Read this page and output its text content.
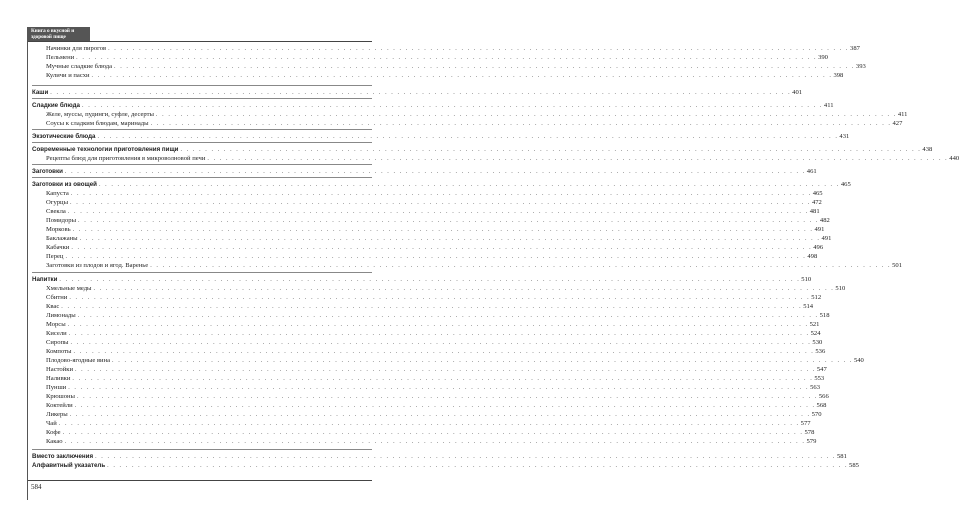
Книга о вкусной и здоровой пище
Начинки для пирогов . . . . . . . . . . . . . . . . . . . . . . . . . . . . . . . . . . . . . . . . . . . . . . . . . . . . . . . . . . . . . . . . . . . . . . . . . . . . . . . . . . . . . . . . . . . . . . . . . . . . . . . . . . . . . . . . . . . . . . . . 387
Пельмени . . . . . . . . . . . . . . . . . . . . . . . . . . . . . . . . . . . . . . . . . . . . . . . . . . . . . . . . . . . . . . . . . . . . . . . . . . . . . . . . . . . . . . . . . . . . . . . . . . . . . . . . . . . . . . . . . . . . . . . . 390
Мучные сладкие блюда . . . . . . . . . . . . . . . . . . . . . . . . . . . . . . . . . . . . . . . . . . . . . . . . . . . . . . . . . . . . . . . . . . . . . . . . . . . . . . . . . . . . . . . . . . . . . . . . . . . . . . . . . . . . . . . . . . . . . . . . 393
Куличи и пасхи . . . . . . . . . . . . . . . . . . . . . . . . . . . . . . . . . . . . . . . . . . . . . . . . . . . . . . . . . . . . . . . . . . . . . . . . . . . . . . . . . . . . . . . . . . . . . . . . . . . . . . . . . . . . . . . . . . . . . . . . 398
Каши . . . . . . . . . . . . . . . . . . . . . . . . . . . . . . . . . . . . . . . . . . . . . . . . . . . . . . . . . . . . . . . . . . . . . . . . . . . . . . . . . . . . . . . . . . . . . . . . . . . . . . . . . . . . . . . . . . . . . . . . 401
Сладкие блюда . . . . . . . . . . . . . . . . . . . . . . . . . . . . . . . . . . . . . . . . . . . . . . . . . . . . . . . . . . . . . . . . . . . . . . . . . . . . . . . . . . . . . . . . . . . . . . . . . . . . . . . . . . . . . . . . . . . . . . . . 411
Желе, муссы, пудинги, суфле, десерты . . . . . . . . . . . . . . . . . . . . . . . . . . . . . . . . . . . . . . . . . . . . . . . . . . . . . . . . . . . . . . . . . . . . . . . . . . . . . . . . . . . . . . . . . . . . . . . . . . . . . . . . . . . . . . . . . . . . . . . . 411
Соусы к сладким блюдам, маринады . . . . . . . . . . . . . . . . . . . . . . . . . . . . . . . . . . . . . . . . . . . . . . . . . . . . . . . . . . . . . . . . . . . . . . . . . . . . . . . . . . . . . . . . . . . . . . . . . . . . . . . . . . . . . . . . . . . . . . . . 427
Экзотические блюда . . . . . . . . . . . . . . . . . . . . . . . . . . . . . . . . . . . . . . . . . . . . . . . . . . . . . . . . . . . . . . . . . . . . . . . . . . . . . . . . . . . . . . . . . . . . . . . . . . . . . . . . . . . . . . . . . . . . . . . . 431
Современные технологии приготовления пищи . . . . . . . . . . . . . . . . . . . . . . . . . . . . . . . . . . . . . . . . . . . . . . . . . . . . . . . . . . . . . . . . . . . . . . . . . . . . . . . . . . . . . . . . . . . . . . . . . . . . . . . . . . . . . . . . . . . . . . . . 438
Рецепты блюд для приготовления в микроволновой печи . . . . . . . . . . . . . . . . . . . . . . . . . . . . . . . . . . . . . . . . . . . . . . . . . . . . . . . . . . . . . . . . . . . . . . . . . . . . . . . . . . . . . . . . . . . . . . . . . . . . . . . . . . . . . . . . . . . . . . . . 440
Заготовки . . . . . . . . . . . . . . . . . . . . . . . . . . . . . . . . . . . . . . . . . . . . . . . . . . . . . . . . . . . . . . . . . . . . . . . . . . . . . . . . . . . . . . . . . . . . . . . . . . . . . . . . . . . . . . . . . . . . . . . . 461
Заготовки из овощей . . . . . . . . . . . . . . . . . . . . . . . . . . . . . . . . . . . . . . . . . . . . . . . . . . . . . . . . . . . . . . . . . . . . . . . . . . . . . . . . . . . . . . . . . . . . . . . . . . . . . . . . . . . . . . . . . . . . . . . . 465
Капуста . . . . . . . . . . . . . . . . . . . . . . . . . . . . . . . . . . . . . . . . . . . . . . . . . . . . . . . . . . . . . . . . . . . . . . . . . . . . . . . . . . . . . . . . . . . . . . . . . . . . . . . . . . . . . . . . . . . . . . . . 465
Огурцы . . . . . . . . . . . . . . . . . . . . . . . . . . . . . . . . . . . . . . . . . . . . . . . . . . . . . . . . . . . . . . . . . . . . . . . . . . . . . . . . . . . . . . . . . . . . . . . . . . . . . . . . . . . . . . . . . . . . . . . . 472
Свекла . . . . . . . . . . . . . . . . . . . . . . . . . . . . . . . . . . . . . . . . . . . . . . . . . . . . . . . . . . . . . . . . . . . . . . . . . . . . . . . . . . . . . . . . . . . . . . . . . . . . . . . . . . . . . . . . . . . . . . . . 481
Помидоры . . . . . . . . . . . . . . . . . . . . . . . . . . . . . . . . . . . . . . . . . . . . . . . . . . . . . . . . . . . . . . . . . . . . . . . . . . . . . . . . . . . . . . . . . . . . . . . . . . . . . . . . . . . . . . . . . . . . . . . . 482
Морковь . . . . . . . . . . . . . . . . . . . . . . . . . . . . . . . . . . . . . . . . . . . . . . . . . . . . . . . . . . . . . . . . . . . . . . . . . . . . . . . . . . . . . . . . . . . . . . . . . . . . . . . . . . . . . . . . . . . . . . . . 491
Баклажаны . . . . . . . . . . . . . . . . . . . . . . . . . . . . . . . . . . . . . . . . . . . . . . . . . . . . . . . . . . . . . . . . . . . . . . . . . . . . . . . . . . . . . . . . . . . . . . . . . . . . . . . . . . . . . . . . . . . . . . . . 491
Кабачки . . . . . . . . . . . . . . . . . . . . . . . . . . . . . . . . . . . . . . . . . . . . . . . . . . . . . . . . . . . . . . . . . . . . . . . . . . . . . . . . . . . . . . . . . . . . . . . . . . . . . . . . . . . . . . . . . . . . . . . . 496
Перец . . . . . . . . . . . . . . . . . . . . . . . . . . . . . . . . . . . . . . . . . . . . . . . . . . . . . . . . . . . . . . . . . . . . . . . . . . . . . . . . . . . . . . . . . . . . . . . . . . . . . . . . . . . . . . . . . . . . . . . . 498
Заготовки из плодов и ягод. Варенье . . . . . . . . . . . . . . . . . . . . . . . . . . . . . . . . . . . . . . . . . . . . . . . . . . . . . . . . . . . . . . . . . . . . . . . . . . . . . . . . . . . . . . . . . . . . . . . . . . . . . . . . . . . . . . . . . . . . . . . . 501
Напитки . . . . . . . . . . . . . . . . . . . . . . . . . . . . . . . . . . . . . . . . . . . . . . . . . . . . . . . . . . . . . . . . . . . . . . . . . . . . . . . . . . . . . . . . . . . . . . . . . . . . . . . . . . . . . . . . . . . . . . . . 510
Хмельные меды . . . . . . . . . . . . . . . . . . . . . . . . . . . . . . . . . . . . . . . . . . . . . . . . . . . . . . . . . . . . . . . . . . . . . . . . . . . . . . . . . . . . . . . . . . . . . . . . . . . . . . . . . . . . . . . . . . . . . . . . 510
Сбитни . . . . . . . . . . . . . . . . . . . . . . . . . . . . . . . . . . . . . . . . . . . . . . . . . . . . . . . . . . . . . . . . . . . . . . . . . . . . . . . . . . . . . . . . . . . . . . . . . . . . . . . . . . . . . . . . . . . . . . . . 512
Квас . . . . . . . . . . . . . . . . . . . . . . . . . . . . . . . . . . . . . . . . . . . . . . . . . . . . . . . . . . . . . . . . . . . . . . . . . . . . . . . . . . . . . . . . . . . . . . . . . . . . . . . . . . . . . . . . . . . . . . . . 514
Лимонады . . . . . . . . . . . . . . . . . . . . . . . . . . . . . . . . . . . . . . . . . . . . . . . . . . . . . . . . . . . . . . . . . . . . . . . . . . . . . . . . . . . . . . . . . . . . . . . . . . . . . . . . . . . . . . . . . . . . . . . . 518
Морсы . . . . . . . . . . . . . . . . . . . . . . . . . . . . . . . . . . . . . . . . . . . . . . . . . . . . . . . . . . . . . . . . . . . . . . . . . . . . . . . . . . . . . . . . . . . . . . . . . . . . . . . . . . . . . . . . . . . . . . . . 521
Кисели . . . . . . . . . . . . . . . . . . . . . . . . . . . . . . . . . . . . . . . . . . . . . . . . . . . . . . . . . . . . . . . . . . . . . . . . . . . . . . . . . . . . . . . . . . . . . . . . . . . . . . . . . . . . . . . . . . . . . . . . 524
Сиропы . . . . . . . . . . . . . . . . . . . . . . . . . . . . . . . . . . . . . . . . . . . . . . . . . . . . . . . . . . . . . . . . . . . . . . . . . . . . . . . . . . . . . . . . . . . . . . . . . . . . . . . . . . . . . . . . . . . . . . . . 530
Компоты . . . . . . . . . . . . . . . . . . . . . . . . . . . . . . . . . . . . . . . . . . . . . . . . . . . . . . . . . . . . . . . . . . . . . . . . . . . . . . . . . . . . . . . . . . . . . . . . . . . . . . . . . . . . . . . . . . . . . . . . 536
Плодово-ягодные вина . . . . . . . . . . . . . . . . . . . . . . . . . . . . . . . . . . . . . . . . . . . . . . . . . . . . . . . . . . . . . . . . . . . . . . . . . . . . . . . . . . . . . . . . . . . . . . . . . . . . . . . . . . . . . . . . . . . . . . . . 540
Настойки . . . . . . . . . . . . . . . . . . . . . . . . . . . . . . . . . . . . . . . . . . . . . . . . . . . . . . . . . . . . . . . . . . . . . . . . . . . . . . . . . . . . . . . . . . . . . . . . . . . . . . . . . . . . . . . . . . . . . . . . 547
Наливки . . . . . . . . . . . . . . . . . . . . . . . . . . . . . . . . . . . . . . . . . . . . . . . . . . . . . . . . . . . . . . . . . . . . . . . . . . . . . . . . . . . . . . . . . . . . . . . . . . . . . . . . . . . . . . . . . . . . . . . . 553
Пунши . . . . . . . . . . . . . . . . . . . . . . . . . . . . . . . . . . . . . . . . . . . . . . . . . . . . . . . . . . . . . . . . . . . . . . . . . . . . . . . . . . . . . . . . . . . . . . . . . . . . . . . . . . . . . . . . . . . . . . . . 563
Крюшоны . . . . . . . . . . . . . . . . . . . . . . . . . . . . . . . . . . . . . . . . . . . . . . . . . . . . . . . . . . . . . . . . . . . . . . . . . . . . . . . . . . . . . . . . . . . . . . . . . . . . . . . . . . . . . . . . . . . . . . . . 566
Коктейли . . . . . . . . . . . . . . . . . . . . . . . . . . . . . . . . . . . . . . . . . . . . . . . . . . . . . . . . . . . . . . . . . . . . . . . . . . . . . . . . . . . . . . . . . . . . . . . . . . . . . . . . . . . . . . . . . . . . . . . . 568
Ликеры . . . . . . . . . . . . . . . . . . . . . . . . . . . . . . . . . . . . . . . . . . . . . . . . . . . . . . . . . . . . . . . . . . . . . . . . . . . . . . . . . . . . . . . . . . . . . . . . . . . . . . . . . . . . . . . . . . . . . . . . 570
Чай . . . . . . . . . . . . . . . . . . . . . . . . . . . . . . . . . . . . . . . . . . . . . . . . . . . . . . . . . . . . . . . . . . . . . . . . . . . . . . . . . . . . . . . . . . . . . . . . . . . . . . . . . . . . . . . . . . . . . . . . 577
Кофе . . . . . . . . . . . . . . . . . . . . . . . . . . . . . . . . . . . . . . . . . . . . . . . . . . . . . . . . . . . . . . . . . . . . . . . . . . . . . . . . . . . . . . . . . . . . . . . . . . . . . . . . . . . . . . . . . . . . . . . . 578
Какао . . . . . . . . . . . . . . . . . . . . . . . . . . . . . . . . . . . . . . . . . . . . . . . . . . . . . . . . . . . . . . . . . . . . . . . . . . . . . . . . . . . . . . . . . . . . . . . . . . . . . . . . . . . . . . . . . . . . . . . . 579
Вместо заключения . . . . . . . . . . . . . . . . . . . . . . . . . . . . . . . . . . . . . . . . . . . . . . . . . . . . . . . . . . . . . . . . . . . . . . . . . . . . . . . . . . . . . . . . . . . . . . . . . . . . . . . . . . . . . . . . . . . . . . . . 581
Алфавитный указатель . . . . . . . . . . . . . . . . . . . . . . . . . . . . . . . . . . . . . . . . . . . . . . . . . . . . . . . . . . . . . . . . . . . . . . . . . . . . . . . . . . . . . . . . . . . . . . . . . . . . . . . . . . . . . . . . . . . . . . . . 585
584
